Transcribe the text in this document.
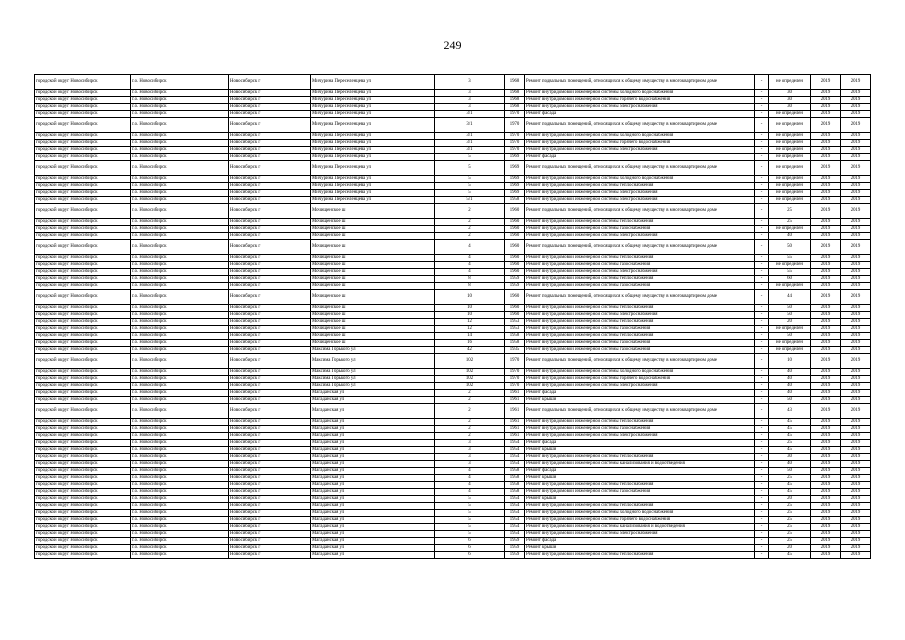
249
городской округ Новосибирск	г.о. Новосибирск	Новосибирск г	Мичурина Переселенцева ул	3	1968	Ремонт подвальных помещений, относящихся к общему имуществу в многоквартирном доме	-	не определен	2019	2019
городской округ Новосибирск	г.о. Новосибирск	Новосибирск г	Мичурина Переселенцева ул	3	1968	Ремонт внутридомовой инженерной системы холодного водоснабжения	-	30	2019	2019
городской округ Новосибирск	г.о. Новосибирск	Новосибирск г	Мичурина Переселенцева ул	3	1968	Ремонт внутридомовой инженерной системы горячего водоснабжения	-	30	2019	2019
городской округ Новосибирск	г.о. Новосибирск	Новосибирск г	Мичурина Переселенцева ул	3	1968	Ремонт внутридомовой инженерной системы электроснабжения	-	30	2019	2019
городской округ Новосибирск	г.о. Новосибирск	Новосибирск г	Мичурина Переселенцева ул	3/1	1970	Ремонт фасада	-	не определен	2019	2019
городской округ Новосибирск	г.о. Новосибирск	Новосибирск г	Мичурина Переселенцева ул	3/1	1970	Ремонт подвальных помещений, относящихся к общему имуществу в многоквартирном доме	-	не определен	2019	2019
городской округ Новосибирск	г.о. Новосибирск	Новосибирск г	Мичурина Переселенцева ул	3/1	1970	Ремонт внутридомовой инженерной системы холодного водоснабжения	-	не определен	2019	2019
городской округ Новосибирск	г.о. Новосибирск	Новосибирск г	Мичурина Переселенцева ул	3/1	1970	Ремонт внутридомовой инженерной системы горячего водоснабжения	-	не определен	2019	2019
городской округ Новосибирск	г.о. Новосибирск	Новосибирск г	Мичурина Переселенцева ул	3/1	1970	Ремонт внутридомовой инженерной системы электроснабжения	-	не определен	2019	2019
городской округ Новосибирск	г.о. Новосибирск	Новосибирск г	Мичурина Переселенцева ул	5	1969	Ремонт фасада	-	не определен	2019	2019
городской округ Новосибирск	г.о. Новосибирск	Новосибирск г	Мичурина Переселенцева ул	5	1969	Ремонт подвальных помещений, относящихся к общему имуществу в многоквартирном доме	-	не определен	2019	2019
городской округ Новосибирск	г.о. Новосибирск	Новосибирск г	Мичурина Переселенцева ул	5	1969	Ремонт внутридомовой инженерной системы холодного водоснабжения	-	не определен	2019	2019
городской округ Новосибирск	г.о. Новосибирск	Новосибирск г	Мичурина Переселенцева ул	5	1969	Ремонт внутридомовой инженерной системы теплоснабжения	-	не определен	2019	2019
городской округ Новосибирск	г.о. Новосибирск	Новосибирск г	Мичурина Переселенцева ул	5	1969	Ремонт внутридомовой инженерной системы электроснабжения	-	не определен	2019	2019
городской округ Новосибирск	г.о. Новосибирск	Новосибирск г	Мичурина Переселенцева ул	5/1	1958	Ремонт внутридомовой инженерной системы электроснабжения	-	не определен	2019	2019
городской округ Новосибирск	г.о. Новосибирск	Новосибирск г	Мочищенское ш	2	1960	Ремонт подвальных помещений, относящихся к общему имуществу в многоквартирном доме	-	25	2019	2019
городской округ Новосибирск	г.о. Новосибирск	Новосибирск г	Мочищенское ш	2	1960	Ремонт внутридомовой инженерной системы теплоснабжения	-	25	2019	2019
городской округ Новосибирск	г.о. Новосибирск	Новосибирск г	Мочищенское ш	2	1960	Ремонт внутридомовой инженерной системы газоснабжения	-	не определен	2019	2019
городской округ Новосибирск	г.о. Новосибирск	Новосибирск г	Мочищенское ш	2	1960	Ремонт внутридомовой инженерной системы электроснабжения	-	40	2019	2019
городской округ Новосибирск	г.о. Новосибирск	Новосибирск г	Мочищенское ш	4	1960	Ремонт подвальных помещений, относящихся к общему имуществу в многоквартирном доме	-	50	2019	2019
городской округ Новосибирск	г.о. Новосибирск	Новосибирск г	Мочищенское ш	4	1960	Ремонт внутридомовой инженерной системы теплоснабжения	-	55	2019	2019
городской округ Новосибирск	г.о. Новосибирск	Новосибирск г	Мочищенское ш	4	1960	Ремонт внутридомовой инженерной системы газоснабжения	-	не определен	2019	2019
городской округ Новосибирск	г.о. Новосибирск	Новосибирск г	Мочищенское ш	4	1960	Ремонт внутридомовой инженерной системы электроснабжения	-	55	2019	2019
городской округ Новосибирск	г.о. Новосибирск	Новосибирск г	Мочищенское ш	8	1959	Ремонт внутридомовой инженерной системы теплоснабжения	-	60	2019	2019
городской округ Новосибирск	г.о. Новосибирск	Новосибирск г	Мочищенское ш	8	1959	Ремонт внутридомовой инженерной системы газоснабжения	-	не определен	2019	2019
городской округ Новосибирск	г.о. Новосибирск	Новосибирск г	Мочищенское ш	10	1960	Ремонт подвальных помещений, относящихся к общему имуществу в многоквартирном доме	-	44	2019	2019
городской округ Новосибирск	г.о. Новосибирск	Новосибирск г	Мочищенское ш	10	1960	Ремонт внутридомовой инженерной системы теплоснабжения	-	50	2019	2019
городской округ Новосибирск	г.о. Новосибирск	Новосибирск г	Мочищенское ш	10	1960	Ремонт внутридомовой инженерной системы электроснабжения	-	50	2019	2019
городской округ Новосибирск	г.о. Новосибирск	Новосибирск г	Мочищенское ш	12	1953	Ремонт внутридомовой инженерной системы теплоснабжения	-	20	2019	2019
городской округ Новосибирск	г.о. Новосибирск	Новосибирск г	Мочищенское ш	12	1953	Ремонт внутридомовой инженерной системы газоснабжения	-	не определен	2019	2019
городской округ Новосибирск	г.о. Новосибирск	Новосибирск г	Мочищенское ш	14	1958	Ремонт внутридомовой инженерной системы теплоснабжения	-	50	2019	2019
городской округ Новосибирск	г.о. Новосибирск	Новосибирск г	Мочищенское ш	16	1958	Ремонт внутридомовой инженерной системы газоснабжения	-	не определен	2019	2019
городской округ Новосибирск	г.о. Новосибирск	Новосибирск г	Максима Горького ул	42	1935	Ремонт внутридомовой инженерной системы газоснабжения	-	не определен	2019	2019
городской округ Новосибирск	г.о. Новосибирск	Новосибирск г	Максима Горького ул	102	1970	Ремонт подвальных помещений, относящихся к общему имуществу в многоквартирном доме	-	10	2019	2019
городской округ Новосибирск	г.о. Новосибирск	Новосибирск г	Максима Горького ул	102	1970	Ремонт внутридомовой инженерной системы холодного водоснабжения	-	40	2019	2019
городской округ Новосибирск	г.о. Новосибирск	Новосибирск г	Максима Горького ул	102	1970	Ремонт внутридомовой инженерной системы горячего водоснабжения	-	40	2019	2019
городской округ Новосибирск	г.о. Новосибирск	Новосибирск г	Максима Горького ул	102	1970	Ремонт внутридомовой инженерной системы электроснабжения	-	40	2019	2019
городской округ Новосибирск	г.о. Новосибирск	Новосибирск г	Магаданская ул	2	1961	Ремонт фасада	-	40	2019	2019
городской округ Новосибирск	г.о. Новосибирск	Новосибирск г	Магаданская ул	2	1961	Ремонт крыши	-	50	2019	2019
городской округ Новосибирск	г.о. Новосибирск	Новосибирск г	Магаданская ул	2	1961	Ремонт подвальных помещений, относящихся к общему имуществу в многоквартирном доме	-	43	2019	2019
городской округ Новосибирск	г.о. Новосибирск	Новосибирск г	Магаданская ул	2	1961	Ремонт внутридомовой инженерной системы теплоснабжения	-	45	2019	2019
городской округ Новосибирск	г.о. Новосибирск	Новосибирск г	Магаданская ул	2	1961	Ремонт внутридомовой инженерной системы газоснабжения	-	45	2019	2019
городской округ Новосибирск	г.о. Новосибирск	Новосибирск г	Магаданская ул	2	1961	Ремонт внутридомовой инженерной системы электроснабжения	-	45	2019	2019
городской округ Новосибирск	г.о. Новосибирск	Новосибирск г	Магаданская ул	3	1954	Ремонт фасада	-	25	2019	2019
городской округ Новосибирск	г.о. Новосибирск	Новосибирск г	Магаданская ул	3	1954	Ремонт крыши	-	45	2019	2019
городской округ Новосибирск	г.о. Новосибирск	Новосибирск г	Магаданская ул	3	1954	Ремонт внутридомовой инженерной системы теплоснабжения	-	30	2019	2019
городской округ Новосибирск	г.о. Новосибирск	Новосибирск г	Магаданская ул	3	1954	Ремонт внутридомовой инженерной системы канализования и водоотведения	-	40	2019	2019
городской округ Новосибирск	г.о. Новосибирск	Новосибирск г	Магаданская ул	4	1958	Ремонт фасада	-	50	2019	2019
городской округ Новосибирск	г.о. Новосибирск	Новосибирск г	Магаданская ул	4	1958	Ремонт крыши	-	25	2019	2019
городской округ Новосибирск	г.о. Новосибирск	Новосибирск г	Магаданская ул	4	1958	Ремонт внутридомовой инженерной системы теплоснабжения	-	45	2019	2019
городской округ Новосибирск	г.о. Новосибирск	Новосибирск г	Магаданская ул	4	1958	Ремонт внутридомовой инженерной системы газоснабжения	-	45	2019	2019
городской округ Новосибирск	г.о. Новосибирск	Новосибирск г	Магаданская ул	5	1954	Ремонт крыши	-	20	2019	2019
городской округ Новосибирск	г.о. Новосибирск	Новосибирск г	Магаданская ул	5	1954	Ремонт внутридомовой инженерной системы теплоснабжения	-	25	2019	2019
городской округ Новосибирск	г.о. Новосибирск	Новосибирск г	Магаданская ул	5	1954	Ремонт внутридомовой инженерной системы холодного водоснабжения	-	25	2019	2019
городской округ Новосибирск	г.о. Новосибирск	Новосибирск г	Магаданская ул	5	1954	Ремонт внутридомовой инженерной системы горячего водоснабжения	-	25	2019	2019
городской округ Новосибирск	г.о. Новосибирск	Новосибирск г	Магаданская ул	5	1954	Ремонт внутридомовой инженерной системы канализования и водоотведения	-	25	2019	2019
городской округ Новосибирск	г.о. Новосибирск	Новосибирск г	Магаданская ул	5	1954	Ремонт внутридомовой инженерной системы электроснабжения	-	25	2019	2019
городской округ Новосибирск	г.о. Новосибирск	Новосибирск г	Магаданская ул	6	1959	Ремонт фасада	-	25	2019	2019
городской округ Новосибирск	г.о. Новосибирск	Новосибирск г	Магаданская ул	6	1959	Ремонт крыши	-	20	2019	2019
городской округ Новосибирск	г.о. Новосибирск	Новосибирск г	Магаданская ул	6	1959	Ремонт внутридомовой инженерной системы теплоснабжения	-	45	2019	2019
